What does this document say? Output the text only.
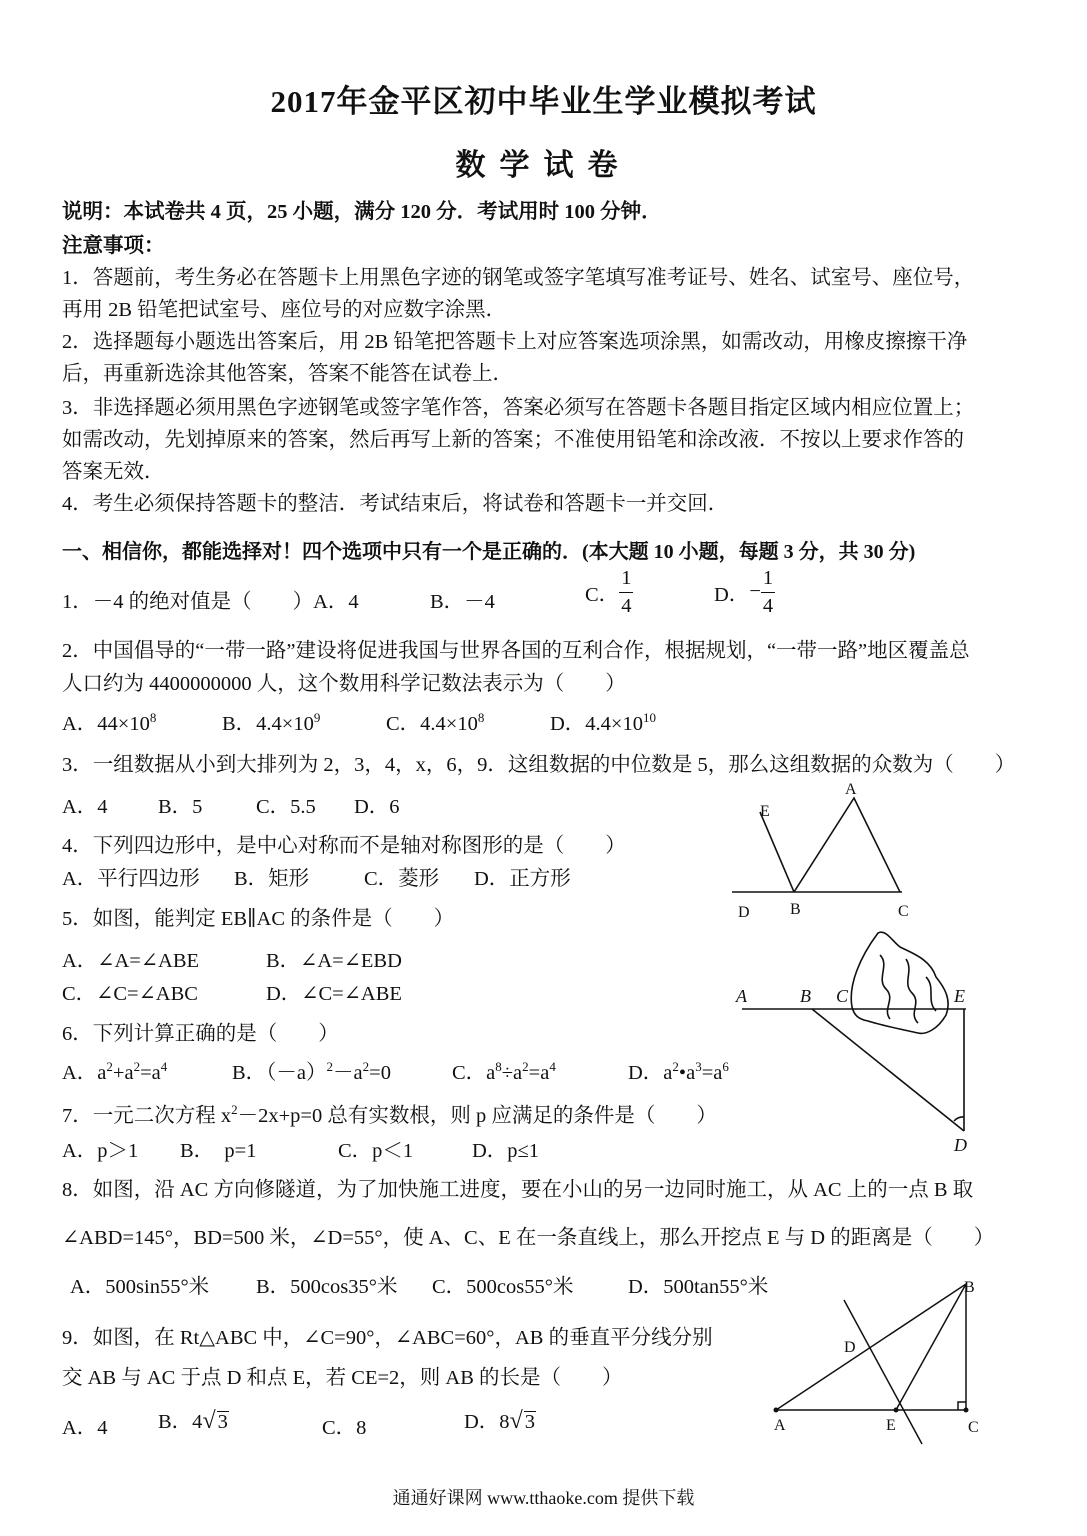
2017年金平区初中毕业生学业模拟考试
数学试卷
说明：本试卷共 4 页，25 小题，满分 120 分．考试用时 100 分钟．
注意事项：
1．答题前，考生务必在答题卡上用黑色字迹的钢笔或签字笔填写准考证号、姓名、试室号、座位号，
再用 2B 铅笔把试室号、座位号的对应数字涂黑．
2．选择题每小题选出答案后，用 2B 铅笔把答题卡上对应答案选项涂黑，如需改动，用橡皮擦擦干净
后，再重新选涂其他答案，答案不能答在试卷上．
3．非选择题必须用黑色字迹钢笔或签字笔作答，答案必须写在答题卡各题目指定区域内相应位置上；
如需改动，先划掉原来的答案，然后再写上新的答案；不准使用铅笔和涂改液．不按以上要求作答的
答案无效．
4．考生必须保持答题卡的整洁．考试结束后，将试卷和答题卡一并交回．
一、相信你，都能选择对！四个选项中只有一个是正确的．(本大题 10 小题，每题 3 分，共 30 分)
1．－4 的绝对值是（　　）A．4	B．－4	C． $\frac{1}{4}$	D．− $\frac{1}{4}$
2．中国倡导的“一带一路”建设将促进我国与世界各国的互利合作，根据规划，“一带一路”地区覆盖总
人口约为 4400000000 人，这个数用科学记数法表示为（　　）
A．$44\times 10^8$	B．$4.4\times 10^9$	C．$4.4\times 10^8$	D．$4.4\times 10^{10}$
3．一组数据从小到大排列为 2，3，4，x，6，9．这组数据的中位数是 5，那么这组数据的众数为（　　）
A．4 B．5	C．5.5 D．6
4．下列四边形中，是中心对称而不是轴对称图形的是（　　）
A．平行四边形 B．矩形	C．菱形 D．正方形
5．如图，能判定 EB∥AC 的条件是（　　）
A．∠A=∠ABE	B．∠A=∠EBD
C．∠C=∠ABC	D．∠C=∠ABE
6．下列计算正确的是（　　）
A．$a^2+a^2=a^4$	B．$(-a)^2-a^2=0$	C．$a^8\div a^2=a^4$	D．$a^2•a^3=a^6$
7．一元二次方程 $x^2-2x+p=0$ 总有实数根，则 p 应满足的条件是（　　）
A．p＞1 B．　p=1	C．p＜1	D．p≤1
8．如图，沿 AC 方向修隧道，为了加快施工进度，要在小山的另一边同时施工，从 AC 上的一点 B 取
∠ABD=145°，BD=500 米，∠D=55°，使 A、C、E 在一条直线上，那么开挖点 E 与 D 的距离是（　　）
A．500sin55°米 B．500cos35°米 C．500cos55°米	D．500tan55°米
9．如图，在 Rt△ABC 中，∠C=90°，∠ABC=60°，AB 的垂直平分线分别
交 AB 与 AC 于点 D 和点 E，若 CE=2，则 AB 的长是（　　）
A．4 B．4√3	C．8	D．8√3
E
A
D	B	C
A	B C	E
D
B
D
A	E	C
通通好课网 www.tthaoke.com 提供下载
